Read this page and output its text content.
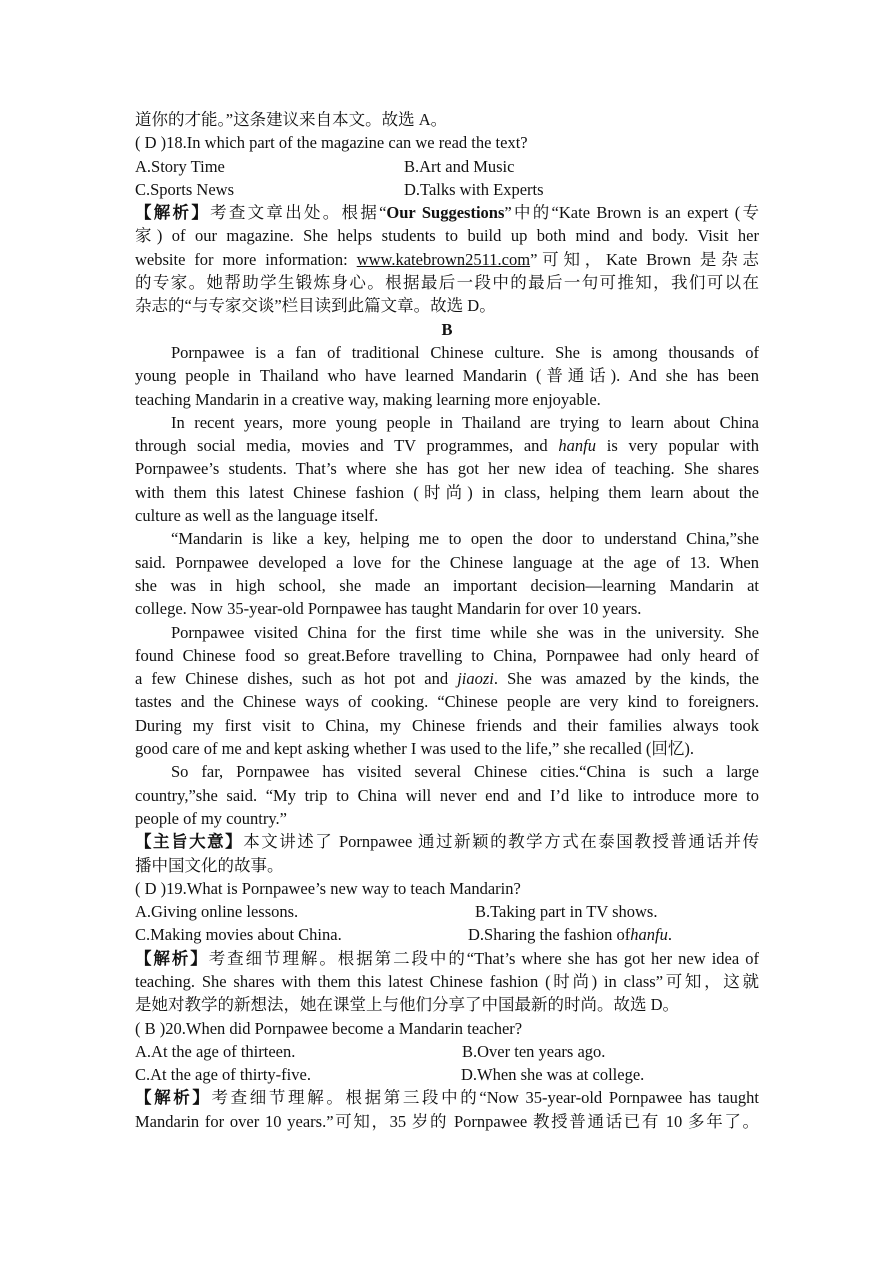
道你的才能。”这条建议来自本文。故选 A。
( D )18.In which part of the magazine can we read the text?
A.Story Time	B.Art and Music
C.Sports News	D.Talks with Experts
【解析】考查文章出处。根据“Our Suggestions”中的“Kate Brown is an expert (专
家) of our magazine. She helps students to build up both mind and body. Visit her
website for more information: www.katebrown2511.com”可知，Kate Brown 是杂志
的专家。她帮助学生锻炼身心。根据最后一段中的最后一句可推知，我们可以在
杂志的“与专家交谈”栏目读到此篇文章。故选 D。
B
Pornpawee is a fan of traditional Chinese culture. She is among thousands of
young people in Thailand who have learned Mandarin (普通话). And she has been
teaching Mandarin in a creative way, making learning more enjoyable.
In recent years, more young people in Thailand are trying to learn about China
through social media, movies and TV programmes, and hanfu is very popular with
Pornpawee’s students. That’s where she has got her new idea of teaching. She shares
with them this latest Chinese fashion (时尚) in class, helping them learn about the
culture as well as the language itself.
“Mandarin is like a key, helping me to open the door to understand China,”she
said. Pornpawee developed a love for the Chinese language at the age of 13. When
she was in high school, she made an important decision—learning Mandarin at
college. Now 35-year-old Pornpawee has taught Mandarin for over 10 years.
Pornpawee visited China for the first time while she was in the university. She
found Chinese food so great.Before travelling to China, Pornpawee had only heard of
a few Chinese dishes, such as hot pot and jiaozi. She was amazed by the kinds, the
tastes and the Chinese ways of cooking. “Chinese people are very kind to foreigners.
During my first visit to China, my Chinese friends and their families always took
good care of me and kept asking whether I was used to the life,” she recalled (回忆).
So far, Pornpawee has visited several Chinese cities.“China is such a large
country,”she said. “My trip to China will never end and I’d like to introduce more to
people of my country.”
【主旨大意】本文讲述了 Pornpawee 通过新颖的教学方式在泰国教授普通话并传
播中国文化的故事。
( D )19.What is Pornpawee’s new way to teach Mandarin?
A.Giving online lessons.	B.Taking part in TV shows.
C.Making movies about China.	D.Sharing the fashion ofhanfu.
【解析】考查细节理解。根据第二段中的“That’s where she has got her new idea of
teaching. She shares with them this latest Chinese fashion (时尚) in class”可知，这就
是她对教学的新想法，她在课堂上与他们分享了中国最新的时尚。故选 D。
( B )20.When did Pornpawee become a Mandarin teacher?
A.At the age of thirteen.	B.Over ten years ago.
C.At the age of thirty-five.	D.When she was at college.
【解析】考查细节理解。根据第三段中的“Now 35-year-old Pornpawee has taught
Mandarin for over 10 years.”可知，35 岁的 Pornpawee 教授普通话已有 10 多年了。
